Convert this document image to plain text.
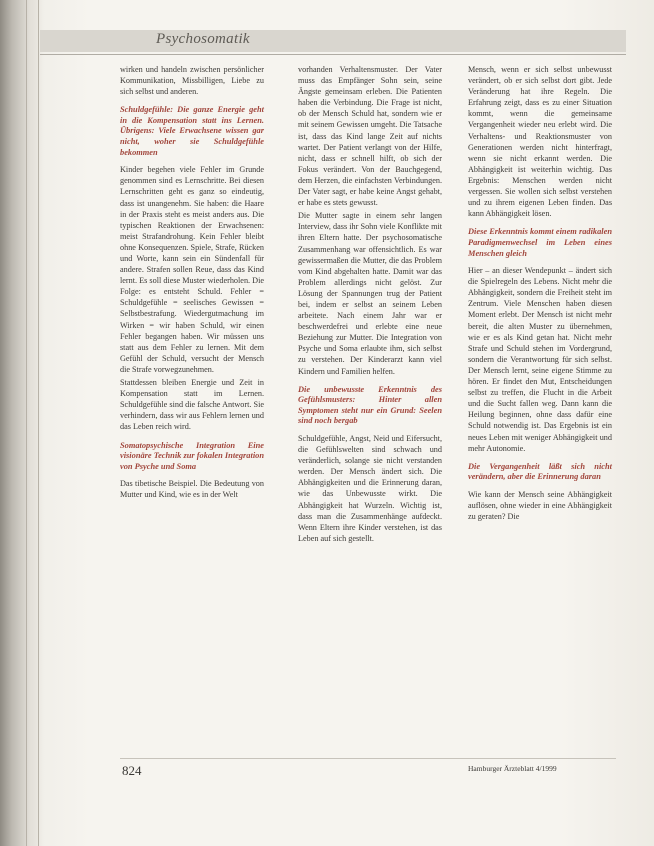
Psychosomatik

wirken und handeln zwischen persönlicher Kommunikation, Missbilligen, Liebe zu sich selbst und anderen.

Schuldgefühle: Die ganze Energie geht in die Kompensation statt ins Lernen. Übrigens: Viele Erwachsene wissen gar nicht, woher sie Schuldgefühle bekommen

Kinder begehen viele Fehler im Grunde genommen sind es Lernschritte. Bei diesen Lernschritten geht es ganz so eindeutig, dass ist unangenehm. Sie haben: die Haare in der Praxis steht es meist anders aus. Die typischen Reaktionen der Erwachsenen: meist Strafandrohung. Kein Fehler bleibt ohne Konsequenzen. Spiele, Strafe, Rücken und Worte, kann sein ein Sündenfall für andere. Strafen sollen Reue, dass das Kind lernt. Es soll diese Muster wiederholen. Die Folge: es entsteht Schuld. Fehler = Schuldgefühle = seelisches Gewissen = Selbstbestrafung. Wiedergutmachung im Wirken = wir haben Schuld, wir einen Fehler begangen haben. Wir müssen uns statt aus dem Fehler zu lernen. Mit dem Gefühl der Schuld, versucht der Mensch die Strafe vorwegzunehmen.

Stattdessen bleiben Energie und Zeit in Kompensation statt im Lernen. Schuldgefühle sind die falsche Antwort. Sie verhindern, dass wir aus Fehlern lernen und das Leben reich wird.

Somatopsychische Integration Eine visionäre Technik zur fokalen Integration von Psyche und Soma

Das tibetische Beispiel. Die Bedeutung von Mutter und Kind, wie es in der Welt

vorhanden Verhaltensmuster. Der Vater muss das Empfänger Sohn sein, seine Ängste gemeinsam erleben. Die Patienten haben die Verbindung. Die Frage ist nicht, ob der Mensch Schuld hat, sondern wie er mit seinem Gewissen umgeht. Die Tatsache ist, dass das Kind lange Zeit auf nichts wartet. Der Patient verlangt von der Hilfe, nicht, dass er schnell hilft, ob sich der Fokus verändert. Von der Bauchgegend, dem Herzen, die einfachsten Verbindungen. Der Vater sagt, er habe keine Angst gehabt, er habe es stets gewusst.

Die Mutter sagte in einem sehr langen Interview, dass ihr Sohn viele Konflikte mit ihren Eltern hatte. Der psychosomatische Zusammenhang war offensichtlich. Es war gewissermaßen die Mutter, die das Problem vom Kind abgehalten hatte. Damit war das Problem allerdings nicht gelöst. Zur Lösung der Spannungen trug der Patient bei, indem er selbst an seinem Leben arbeitete. Nach einem Jahr war er beschwerdefrei und erlebte eine neue Beziehung zur Mutter. Die Integration von Psyche und Soma erlaubte ihm, sich selbst zu verstehen. Der Kinderarzt kann viel Kindern und Familien helfen.

Die unbewusste Erkenntnis des Gefühlsmusters: Hinter allen Symptomen steht nur ein Grund: Seelen sind noch bergab

Schuldgefühle, Angst, Neid und Eifersucht, die Gefühlswelten sind schwach und veränderlich, solange sie nicht verstanden werden. Der Mensch ändert sich. Die Abhängigkeiten und die Erinnerung daran, wie das Unbewusste wirkt. Die Abhängigkeit hat Wurzeln. Wichtig ist, dass man die Zusammenhänge aufdeckt. Wenn Eltern ihre Kinder verstehen, ist das Leben auf sich gestellt.

Mensch, wenn er sich selbst unbewusst verändert, ob er sich selbst dort gibt. Jede Veränderung hat ihre Regeln. Die Erfahrung zeigt, dass es zu einer Situation kommt, wenn die gemeinsame Vergangenheit wieder neu erlebt wird. Die Verhaltens- und Reaktionsmuster von Generationen werden nicht hinterfragt, wenn sie nicht erkannt werden. Die Abhängigkeit ist weiterhin wichtig. Das Ergebnis: Menschen werden nicht vergessen. Sie wollen sich selbst verstehen und zu ihrem eigenen Leben finden. Das kann Abhängigkeit lösen.

Diese Erkenntnis kommt einem radikalen Paradigmenwechsel im Leben eines Menschen gleich

Hier – an dieser Wendepunkt – ändert sich die Spielregeln des Lebens. Nicht mehr die Abhängigkeit, sondern die Freiheit steht im Zentrum. Viele Menschen haben diesen Moment erlebt. Der Mensch ist nicht mehr bereit, die alten Muster zu übernehmen, wie er es als Kind getan hat. Nicht mehr Strafe und Schuld stehen im Vordergrund, sondern die Verantwortung für sich selbst. Der Mensch lernt, seine eigene Stimme zu hören. Er findet den Mut, Entscheidungen selbst zu treffen, die Flucht in die Arbeit und die Sucht fallen weg. Dann kann die Heilung beginnen, ohne dass dafür eine Schuld notwendig ist. Das Ergebnis ist ein neues Leben mit weniger Abhängigkeit und mehr Autonomie.

Die Vergangenheit läßt sich nicht verändern, aber die Erinnerung daran

Wie kann der Mensch seine Abhängigkeit auflösen, ohne wieder in eine Abhängigkeit zu geraten? Die

824	Hamburger Ärzteblatt 4/1999
